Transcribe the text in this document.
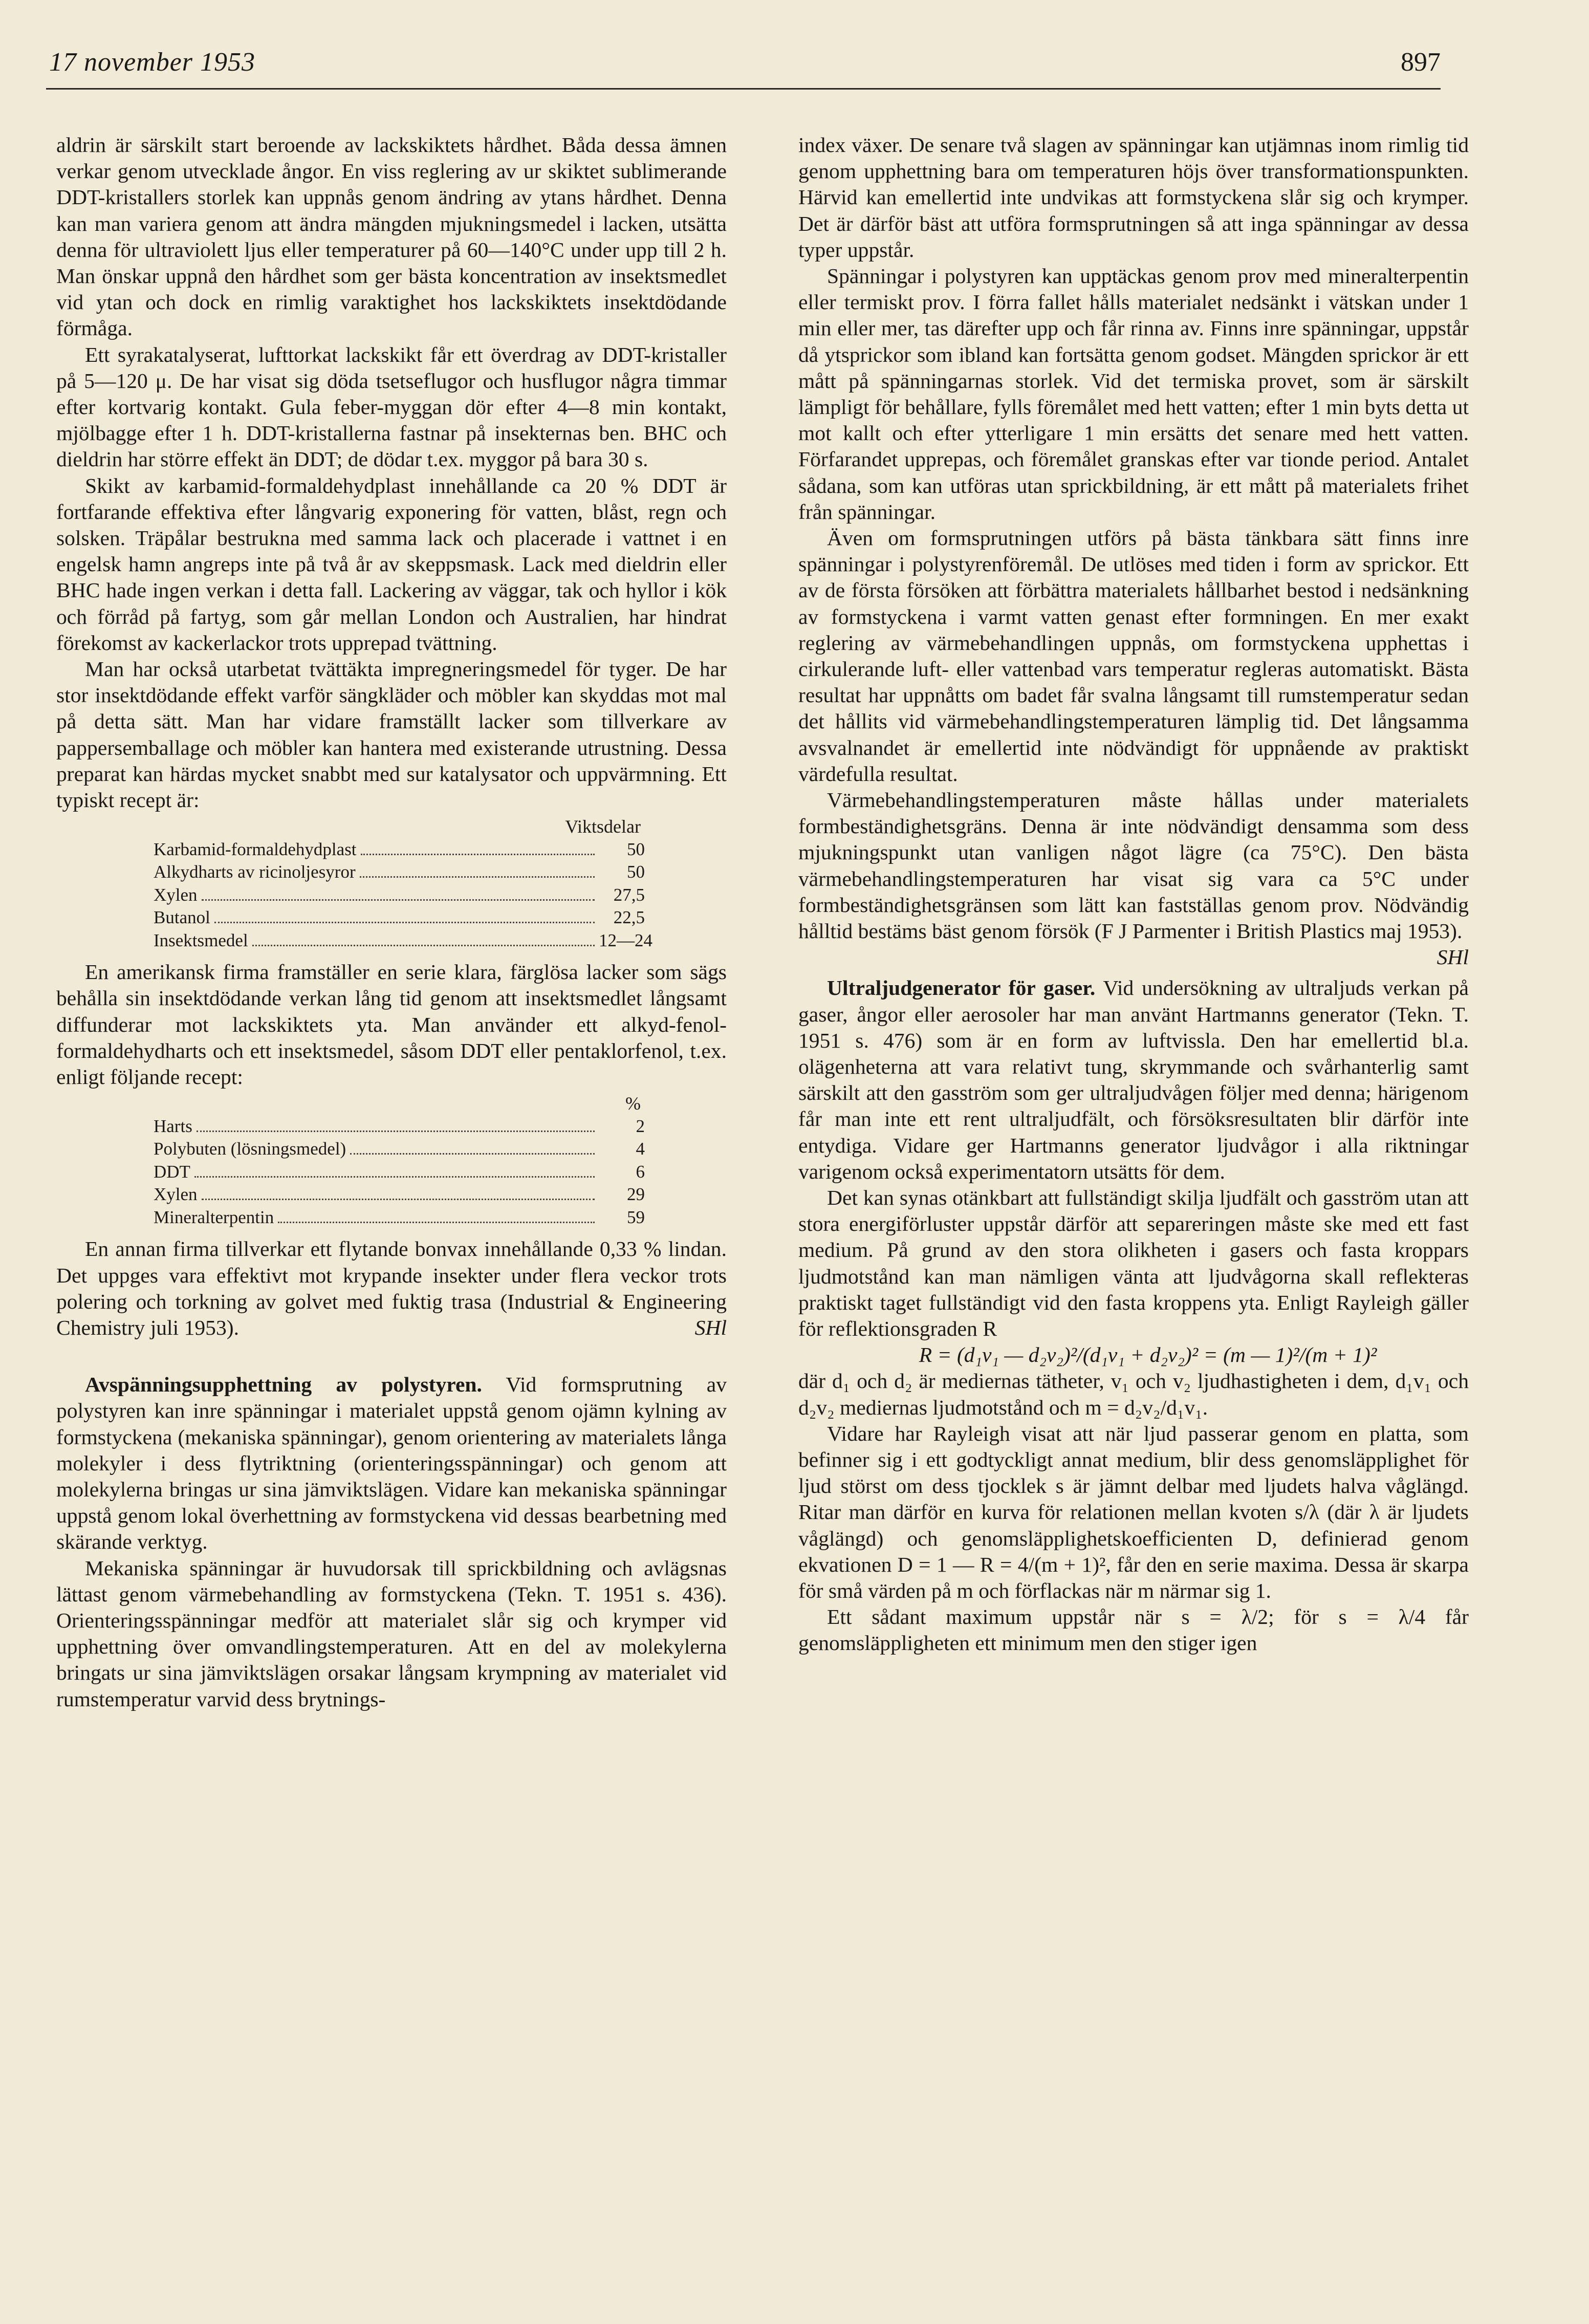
17 november 1953	897

aldrin är särskilt start beroende av lackskiktets hårdhet. Båda dessa ämnen verkar genom utvecklade ångor. En viss reglering av ur skiktet sublimerande DDT-kristallers storlek kan uppnås genom ändring av ytans hårdhet. Denna kan man variera genom att ändra mängden mjukningsmedel i lacken, utsätta denna för ultraviolett ljus eller temperaturer på 60—140°C under upp till 2 h. Man önskar uppnå den hårdhet som ger bästa koncentration av insektsmedlet vid ytan och dock en rimlig varaktighet hos lackskiktets insektdödande förmåga.

Ett syrakatalyserat, lufttorkat lackskikt får ett överdrag av DDT-kristaller på 5—120 μ. De har visat sig döda tsetseflugor och husflugor några timmar efter kortvarig kontakt. Gula feber-myggan dör efter 4—8 min kontakt, mjölbagge efter 1 h. DDT-kristallerna fastnar på insekternas ben. BHC och dieldrin har större effekt än DDT; de dödar t.ex. myggor på bara 30 s.

Skikt av karbamid-formaldehydplast innehållande ca 20 % DDT är fortfarande effektiva efter långvarig exponering för vatten, blåst, regn och solsken. Träpålar bestrukna med samma lack och placerade i vattnet i en engelsk hamn angreps inte på två år av skeppsmask. Lack med dieldrin eller BHC hade ingen verkan i detta fall. Lackering av väggar, tak och hyllor i kök och förråd på fartyg, som går mellan London och Australien, har hindrat förekomst av kackerlackor trots upprepad tvättning.

Man har också utarbetat tvättäkta impregneringsmedel för tyger. De har stor insektdödande effekt varför sängkläder och möbler kan skyddas mot mal på detta sätt. Man har vidare framställt lacker som tillverkare av pappersemballage och möbler kan hantera med existerande utrustning. Dessa preparat kan härdas mycket snabbt med sur katalysator och uppvärmning. Ett typiskt recept är:

Viktsdelar
Karbamid-formaldehydplast	50
Alkydharts av ricinoljesyror	50
Xylen	27,5
Butanol	22,5
Insektsmedel	12—24

En amerikansk firma framställer en serie klara, färglösa lacker som sägs behålla sin insektdödande verkan lång tid genom att insektsmedlet långsamt diffunderar mot lackskiktets yta. Man använder ett alkyd-fenol-formaldehydharts och ett insektsmedel, såsom DDT eller pentaklorfenol, t.ex. enligt följande recept:

%
Harts	2
Polybuten (lösningsmedel)	4
DDT	6
Xylen	29
Mineralterpentin	59

En annan firma tillverkar ett flytande bonvax innehållande 0,33 % lindan. Det uppges vara effektivt mot krypande insekter under flera veckor trots polering och torkning av golvet med fuktig trasa (Industrial & Engineering Chemistry juli 1953).	SHl

Avspänningsupphettning av polystyren. Vid formsprutning av polystyren kan inre spänningar i materialet uppstå genom ojämn kylning av formstyckena (mekaniska spänningar), genom orientering av materialets långa molekyler i dess flytriktning (orienteringsspänningar) och genom att molekylerna bringas ur sina jämviktslägen. Vidare kan mekaniska spänningar uppstå genom lokal överhettning av formstyckena vid dessas bearbetning med skärande verktyg.

Mekaniska spänningar är huvudorsak till sprickbildning och avlägsnas lättast genom värmebehandling av formstyckena (Tekn. T. 1951 s. 436). Orienteringsspänningar medför att materialet slår sig och krymper vid upphettning över omvandlingstemperaturen. Att en del av molekylerna bringats ur sina jämviktslägen orsakar långsam krympning av materialet vid rumstemperatur varvid dess brytnings-

index växer. De senare två slagen av spänningar kan utjämnas inom rimlig tid genom upphettning bara om temperaturen höjs över transformationspunkten. Härvid kan emellertid inte undvikas att formstyckena slår sig och krymper. Det är därför bäst att utföra formsprutningen så att inga spänningar av dessa typer uppstår.

Spänningar i polystyren kan upptäckas genom prov med mineralterpentin eller termiskt prov. I förra fallet hålls materialet nedsänkt i vätskan under 1 min eller mer, tas därefter upp och får rinna av. Finns inre spänningar, uppstår då ytsprickor som ibland kan fortsätta genom godset. Mängden sprickor är ett mått på spänningarnas storlek. Vid det termiska provet, som är särskilt lämpligt för behållare, fylls föremålet med hett vatten; efter 1 min byts detta ut mot kallt och efter ytterligare 1 min ersätts det senare med hett vatten. Förfarandet upprepas, och föremålet granskas efter var tionde period. Antalet sådana, som kan utföras utan sprickbildning, är ett mått på materialets frihet från spänningar.

Även om formsprutningen utförs på bästa tänkbara sätt finns inre spänningar i polystyrenföremål. De utlöses med tiden i form av sprickor. Ett av de första försöken att förbättra materialets hållbarhet bestod i nedsänkning av formstyckena i varmt vatten genast efter formningen. En mer exakt reglering av värmebehandlingen uppnås, om formstyckena upphettas i cirkulerande luft- eller vattenbad vars temperatur regleras automatiskt. Bästa resultat har uppnåtts om badet får svalna långsamt till rumstemperatur sedan det hållits vid värmebehandlingstemperaturen lämplig tid. Det långsamma avsvalnandet är emellertid inte nödvändigt för uppnående av praktiskt värdefulla resultat.

Värmebehandlingstemperaturen måste hållas under materialets formbeständighetsgräns. Denna är inte nödvändigt densamma som dess mjukningspunkt utan vanligen något lägre (ca 75°C). Den bästa värmebehandlingstemperaturen har visat sig vara ca 5°C under formbeständighetsgränsen som lätt kan fastställas genom prov. Nödvändig hålltid bestäms bäst genom försök (F J Parmenter i British Plastics maj 1953).
SHl

Ultraljudgenerator för gaser. Vid undersökning av ultraljuds verkan på gaser, ångor eller aerosoler har man använt Hartmanns generator (Tekn. T. 1951 s. 476) som är en form av luftvissla. Den har emellertid bl.a. olägenheterna att vara relativt tung, skrymmande och svårhanterlig samt särskilt att den gasström som ger ultraljudvågen följer med denna; härigenom får man inte ett rent ultraljudfält, och försöksresultaten blir därför inte entydiga. Vidare ger Hartmanns generator ljudvågor i alla riktningar varigenom också experimentatorn utsätts för dem.

Det kan synas otänkbart att fullständigt skilja ljudfält och gasström utan att stora energiförluster uppstår därför att separeringen måste ske med ett fast medium. På grund av den stora olikheten i gasers och fasta kroppars ljudmotstånd kan man nämligen vänta att ljudvågorna skall reflekteras praktiskt taget fullständigt vid den fasta kroppens yta. Enligt Rayleigh gäller för reflektionsgraden R

R = (d₁v₁ — d₂v₂)²/(d₁v₁ + d₂v₂)² = (m — 1)²/(m + 1)²

där d₁ och d₂ är mediernas tätheter, v₁ och v₂ ljudhastigheten i dem, d₁v₁ och d₂v₂ mediernas ljudmotstånd och m = d₂v₂/d₁v₁.

Vidare har Rayleigh visat att när ljud passerar genom en platta, som befinner sig i ett godtyckligt annat medium, blir dess genomsläpplighet för ljud störst om dess tjocklek s är jämnt delbar med ljudets halva våglängd. Ritar man därför en kurva för relationen mellan kvoten s/λ (där λ är ljudets våglängd) och genomsläpplighetskoefficienten D, definierad genom ekvationen D = 1 — R = 4/(m + 1)², får den en serie maxima. Dessa är skarpa för små värden på m och förflackas när m närmar sig 1.

Ett sådant maximum uppstår när s = λ/2; för s = λ/4 får genomsläppligheten ett minimum men den stiger igen
